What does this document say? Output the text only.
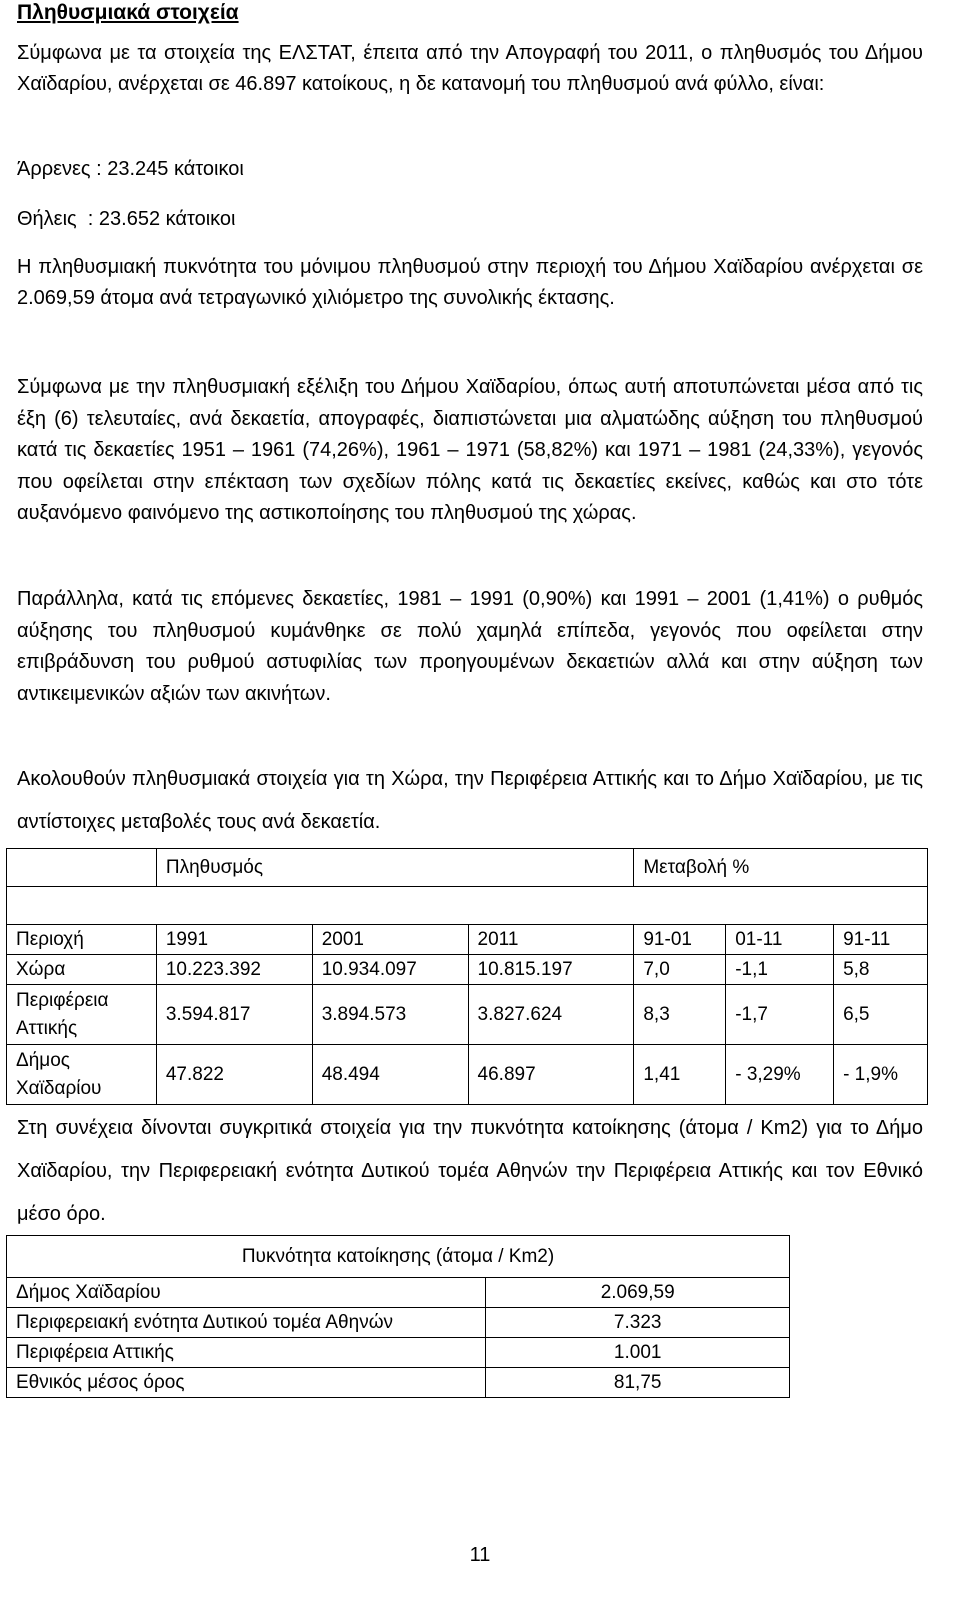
Πληθυσμιακά στοιχεία

Σύμφωνα με τα στοιχεία της ΕΛΣΤΑΤ, έπειτα από την Απογραφή του 2011, ο πληθυσμός του Δήμου Χαϊδαρίου, ανέρχεται σε 46.897 κατοίκους, η δε κατανομή του πληθυσμού ανά φύλλο, είναι:

Άρρενες : 23.245 κάτοικοι

Θήλεις  : 23.652 κάτοικοι

Η πληθυσμιακή πυκνότητα του μόνιμου πληθυσμού στην περιοχή του Δήμου Χαϊδαρίου ανέρχεται σε 2.069,59 άτομα ανά τετραγωνικό χιλιόμετρο της συνολικής έκτασης.

Σύμφωνα με την πληθυσμιακή εξέλιξη του Δήμου Χαϊδαρίου, όπως αυτή αποτυπώνεται μέσα από τις έξη (6) τελευταίες, ανά δεκαετία, απογραφές, διαπιστώνεται μια αλματώδης αύξηση του πληθυσμού κατά τις δεκαετίες 1951 – 1961 (74,26%), 1961 – 1971 (58,82%) και 1971 – 1981 (24,33%), γεγονός που οφείλεται στην επέκταση των σχεδίων πόλης κατά τις δεκαετίες εκείνες, καθώς και στο τότε αυξανόμενο φαινόμενο της αστικοποίησης του πληθυσμού της χώρας.

Παράλληλα, κατά τις επόμενες δεκαετίες, 1981 – 1991 (0,90%) και 1991 – 2001 (1,41%) ο ρυθμός αύξησης του πληθυσμού κυμάνθηκε σε πολύ χαμηλά επίπεδα, γεγονός που οφείλεται στην επιβράδυνση του ρυθμού αστυφιλίας των προηγουμένων δεκαετιών αλλά και στην αύξηση των αντικειμενικών αξιών των ακινήτων.

Ακολουθούν πληθυσμιακά στοιχεία για τη Χώρα, την Περιφέρεια Αττικής και το Δήμο Χαϊδαρίου, με τις αντίστοιχες μεταβολές τους ανά δεκαετία.

	Πληθυσμός			Μεταβολή %		

Περιοχή	1991	2001	2011	91-01	01-11	91-11
Χώρα	10.223.392	10.934.097	10.815.197	7,0	-1,1	5,8
Περιφέρεια Αττικής	3.594.817	3.894.573	3.827.624	8,3	-1,7	6,5
Δήμος Χαϊδαρίου	47.822	48.494	46.897	1,41	- 3,29%	- 1,9%

Στη συνέχεια δίνονται συγκριτικά στοιχεία για την πυκνότητα κατοίκησης (άτομα / Km2) για το Δήμο Χαϊδαρίου, την Περιφερειακή ενότητα Δυτικού τομέα Αθηνών την Περιφέρεια Αττικής και τον Εθνικό μέσο όρο.

Πυκνότητα κατοίκησης (άτομα / Km2)	
Δήμος Χαϊδαρίου	2.069,59
Περιφερειακή ενότητα Δυτικού τομέα Αθηνών	7.323
Περιφέρεια Αττικής	1.001
Εθνικός μέσος όρος	81,75
11
